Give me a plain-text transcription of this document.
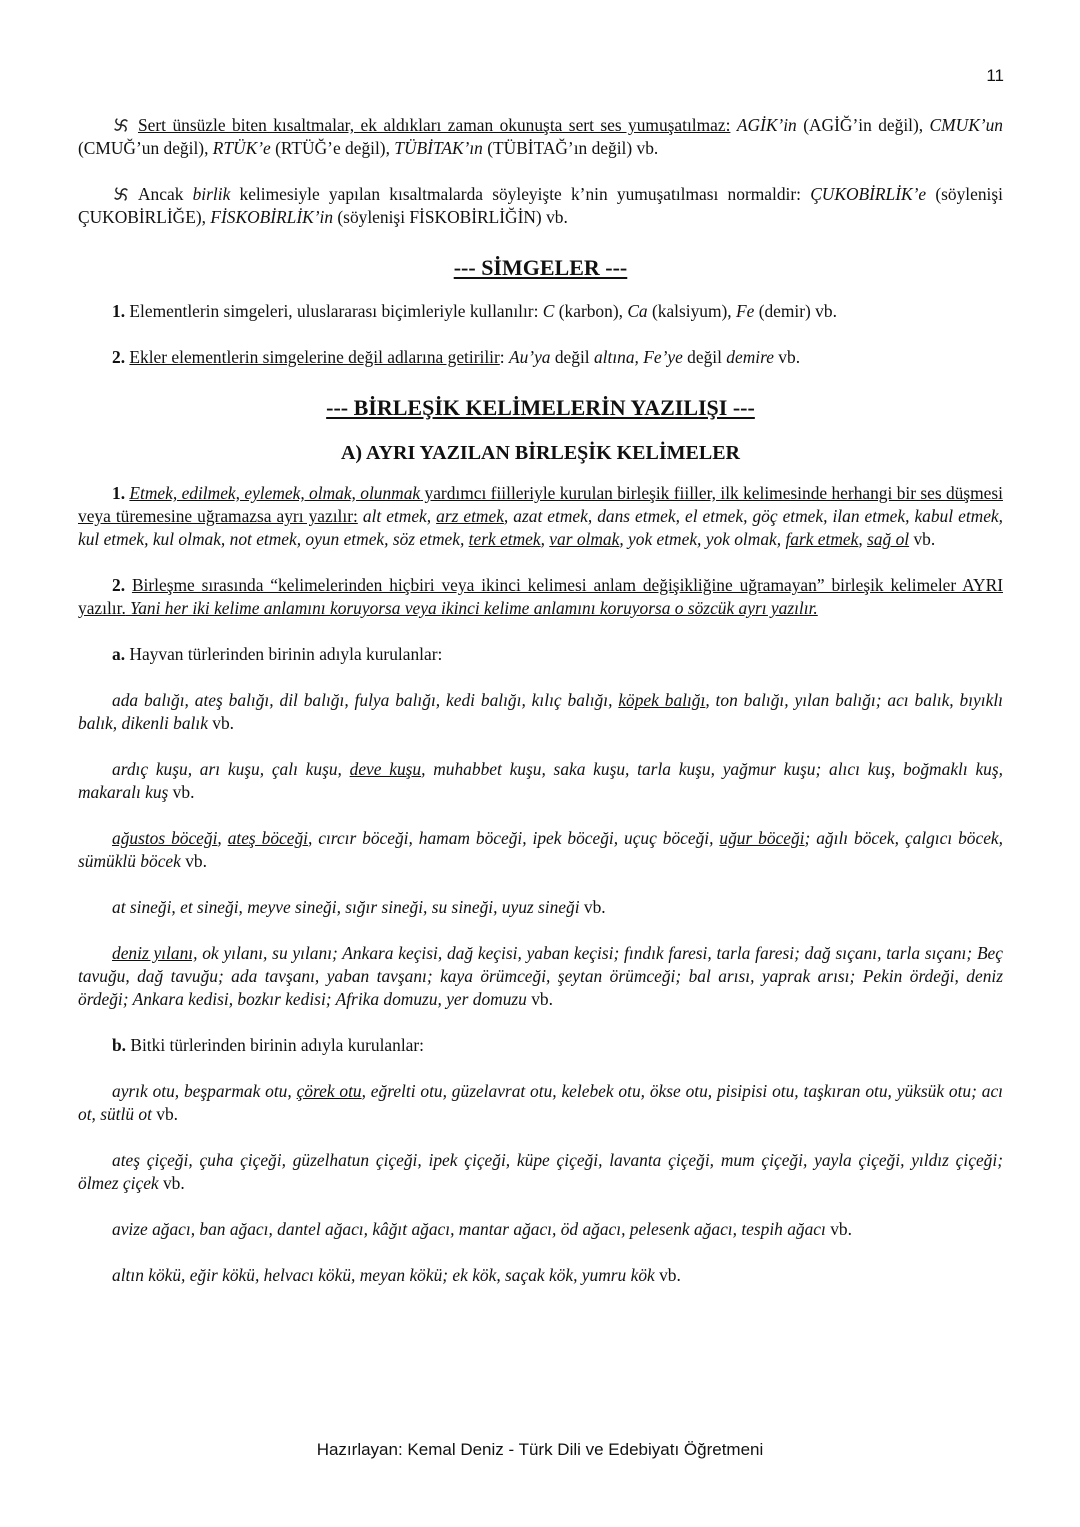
11

Sert ünsüzle biten kısaltmalar, ek aldıkları zaman okunuşta sert ses yumuşatılmaz: AGİK’in (AGİĞ’in değil), CMUK’un (CMUĞ’un değil), RTÜK’e (RTÜĞ’e değil), TÜBİTAK’ın (TÜBİTAĞ’ın değil) vb.

Ancak birlik kelimesiyle yapılan kısaltmalarda söyleyişte k’nin yumuşatılması normaldir: ÇUKOBİRLİK’e (söylenişi ÇUKOBİRLİĞE), FİSKOBİRLİK’in (söylenişi FİSKOBİRLİĞİN) vb.

--- SİMGELER ---

1. Elementlerin simgeleri, uluslararası biçimleriyle kullanılır: C (karbon), Ca (kalsiyum), Fe (demir) vb.

2. Ekler elementlerin simgelerine değil adlarına getirilir: Au’ya değil altına, Fe’ye değil demire vb.

--- BİRLEŞİK KELİMELERİN YAZILIŞI ---

A) AYRI YAZILAN BİRLEŞİK KELİMELER

1. Etmek, edilmek, eylemek, olmak, olunmak yardımcı fiilleriyle kurulan birleşik fiiller, ilk kelimesinde herhangi bir ses düşmesi veya türemesine uğramazsa ayrı yazılır: alt etmek, arz etmek, azat etmek, dans etmek, el etmek, göç etmek, ilan etmek, kabul etmek, kul etmek, kul olmak, not etmek, oyun etmek, söz etmek, terk etmek, var olmak, yok etmek, yok olmak, fark etmek, sağ ol vb.

2. Birleşme sırasında “kelimelerinden hiçbiri veya ikinci kelimesi anlam değişikliğine uğramayan” birleşik kelimeler AYRI yazılır. Yani her iki kelime anlamını koruyorsa veya ikinci kelime anlamını koruyorsa o sözcük ayrı yazılır.

a. Hayvan türlerinden birinin adıyla kurulanlar:

ada balığı, ateş balığı, dil balığı, fulya balığı, kedi balığı, kılıç balığı, köpek balığı, ton balığı, yılan balığı; acı balık, bıyıklı balık, dikenli balık vb.

ardıç kuşu, arı kuşu, çalı kuşu, deve kuşu, muhabbet kuşu, saka kuşu, tarla kuşu, yağmur kuşu; alıcı kuş, boğmaklı kuş, makaralı kuş vb.

ağustos böceği, ateş böceği, cırcır böceği, hamam böceği, ipek böceği, uçuç böceği, uğur böceği; ağılı böcek, çalgıcı böcek, sümüklü böcek vb.

at sineği, et sineği, meyve sineği, sığır sineği, su sineği, uyuz sineği vb.

deniz yılanı, ok yılanı, su yılanı; Ankara keçisi, dağ keçisi, yaban keçisi; fındık faresi, tarla faresi; dağ sıçanı, tarla sıçanı; Beç tavuğu, dağ tavuğu; ada tavşanı, yaban tavşanı; kaya örümceği, şeytan örümceği; bal arısı, yaprak arısı; Pekin ördeği, deniz ördeği; Ankara kedisi, bozkır kedisi; Afrika domuzu, yer domuzu vb.

b. Bitki türlerinden birinin adıyla kurulanlar:

ayrık otu, beşparmak otu, çörek otu, eğrelti otu, güzelavrat otu, kelebek otu, ökse otu, pisipisi otu, taşkıran otu, yüksük otu; acı ot, sütlü ot vb.

ateş çiçeği, çuha çiçeği, güzelhatun çiçeği, ipek çiçeği, küpe çiçeği, lavanta çiçeği, mum çiçeği, yayla çiçeği, yıldız çiçeği; ölmez çiçek vb.

avize ağacı, ban ağacı, dantel ağacı, kâğıt ağacı, mantar ağacı, öd ağacı, pelesenk ağacı, tespih ağacı vb.

altın kökü, eğir kökü, helvacı kökü, meyan kökü; ek kök, saçak kök, yumru kök vb.

Hazırlayan: Kemal Deniz - Türk Dili ve Edebiyatı Öğretmeni
